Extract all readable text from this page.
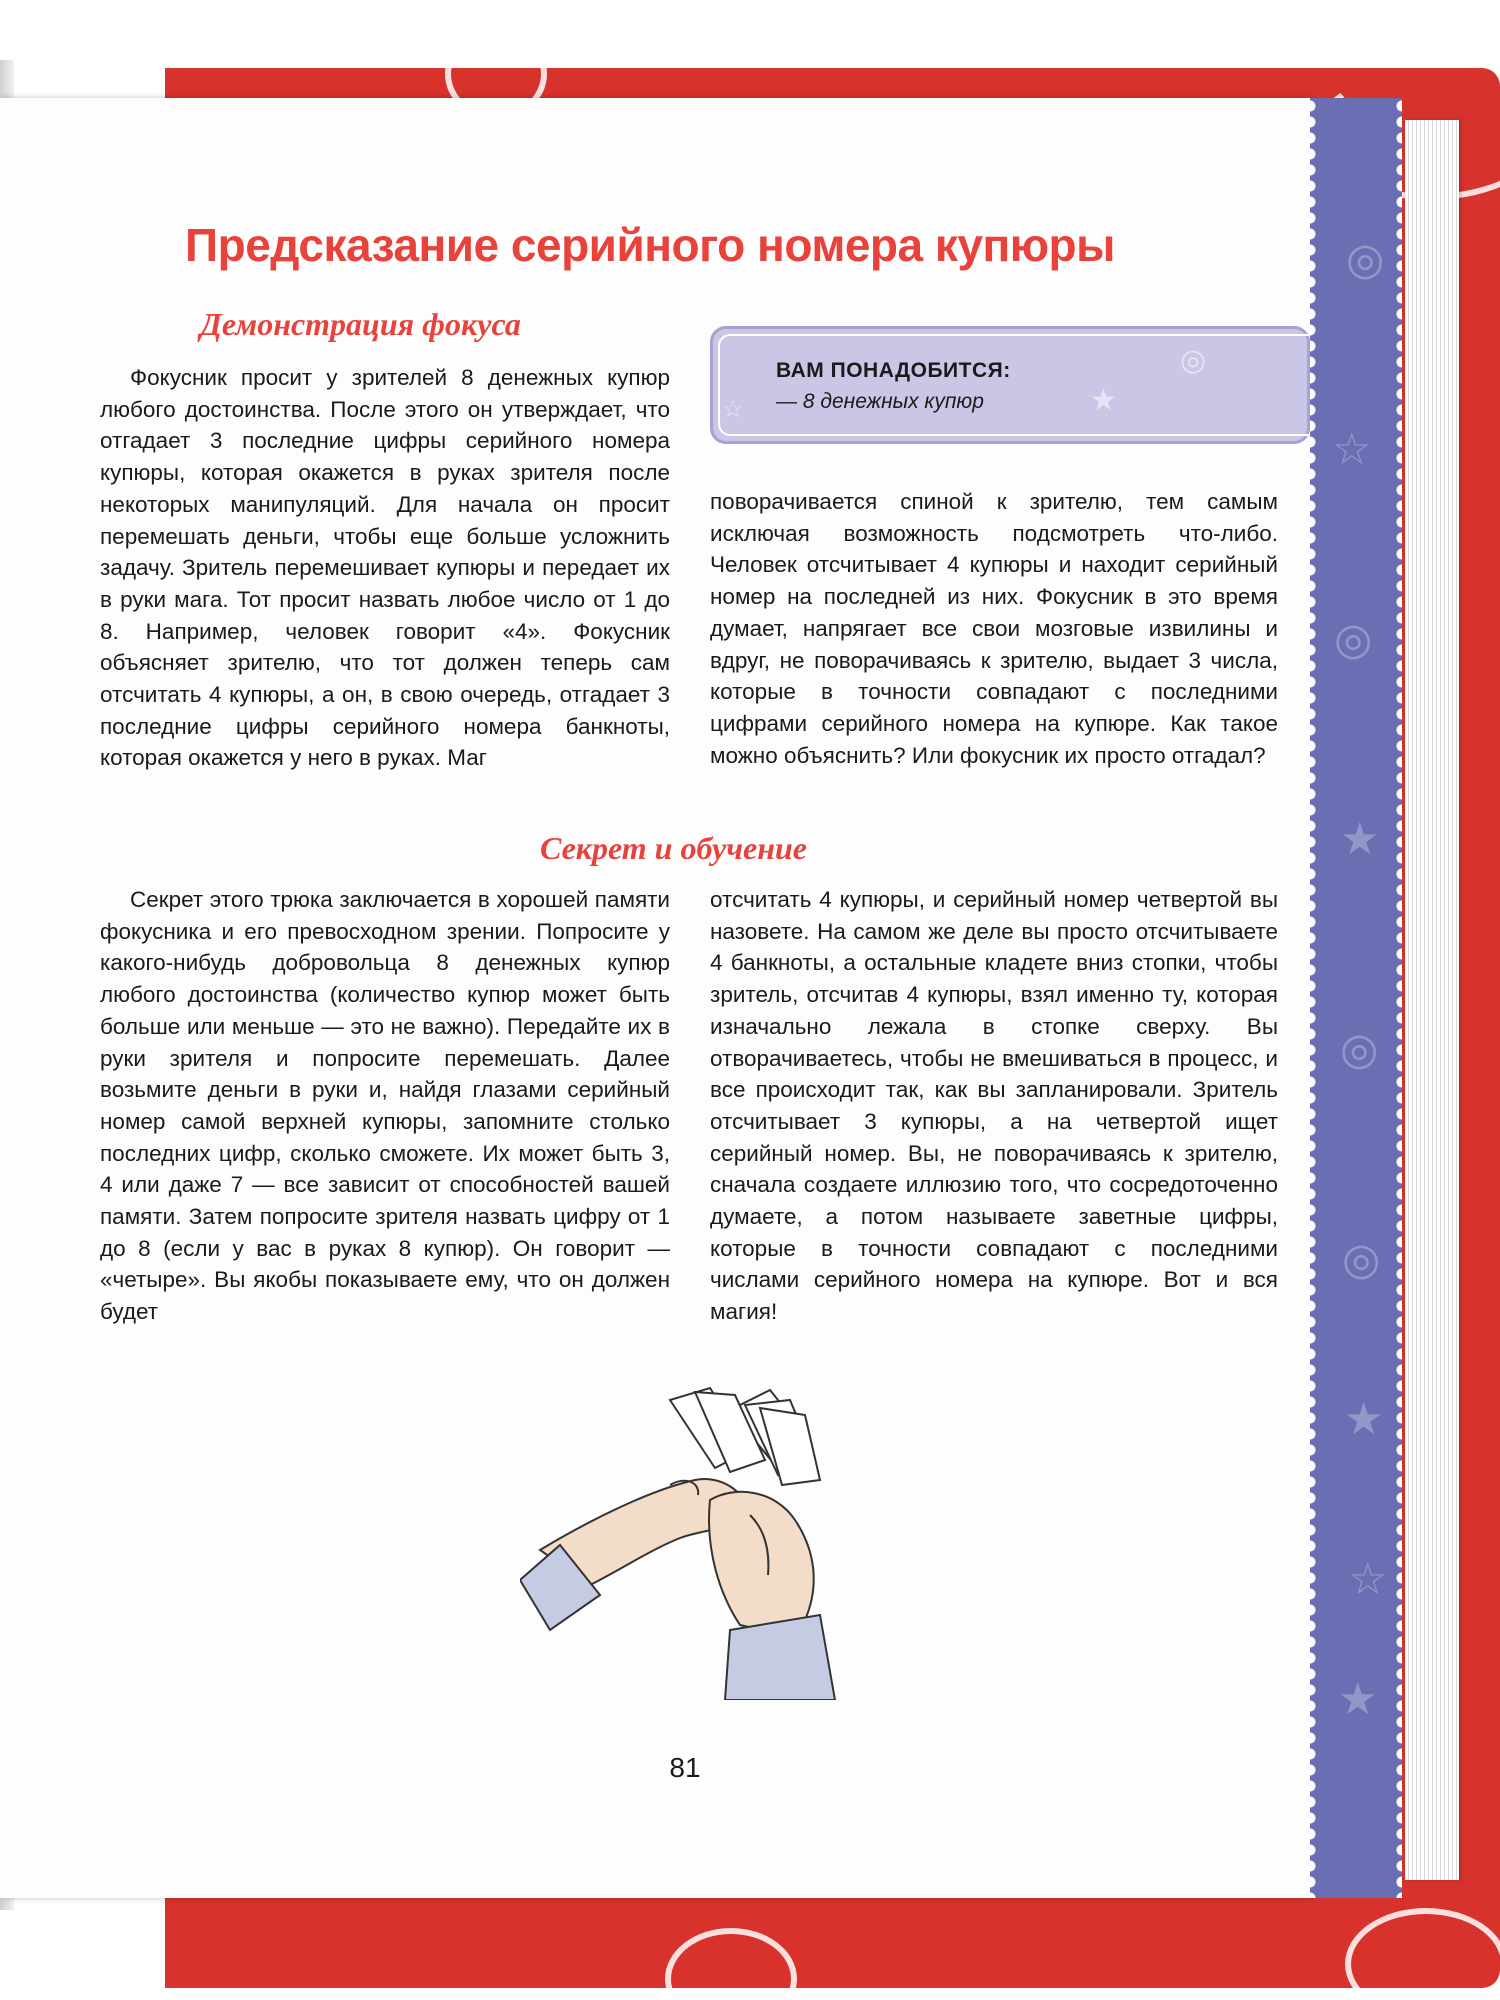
★
★
★
◎
◎
◎
◎
☆
☆
Предсказание серийного номера купюры
Демонстрация фокуса
★
☆
◎
ВАМ ПОНАДОБИТСЯ:
— 8 денежных купюр

Фокусник просит у зрителей 8 денежных купюр любого достоинства. После этого он утверждает, что отгадает 3 последние цифры серийного номера купюры, которая окажется в руках зрителя после некоторых манипуляций. Для начала он просит перемешать деньги, чтобы еще больше усложнить задачу. Зритель перемешивает купюры и передает их в руки мага. Тот просит назвать любое число от 1 до 8. Например, человек говорит «4». Фокусник объясняет зрителю, что тот должен теперь сам отсчитать 4 купюры, а он, в свою очередь, отгадает 3 последние цифры серийного номера банкноты, которая окажется у него в руках. Маг

поворачивается спиной к зрителю, тем самым исключая возможность подсмотреть что-либо. Человек отсчитывает 4 купюры и находит серийный номер на последней из них. Фокусник в это время думает, напрягает все свои мозговые извилины и вдруг, не поворачиваясь к зрителю, выдает 3 числа, которые в точности совпадают с последними цифрами серийного номера на купюре. Как такое можно объяснить? Или фокусник их просто отгадал?

Секрет и обучение

Секрет этого трюка заключается в хорошей памяти фокусника и его превосходном зрении. Попросите у какого-нибудь добровольца 8 денежных купюр любого достоинства (количество купюр может быть больше или меньше — это не важно). Передайте их в руки зрителя и попросите перемешать. Далее возьмите деньги в руки и, найдя глазами серийный номер самой верхней купюры, запомните столько последних цифр, сколько сможете. Их может быть 3, 4 или даже 7 — все зависит от способностей вашей памяти. Затем попросите зрителя назвать цифру от 1 до 8 (если у вас в руках 8 купюр). Он говорит — «четыре». Вы якобы показываете ему, что он должен будет

отсчитать 4 купюры, и серийный номер четвертой вы назовете. На самом же деле вы просто отсчитываете 4 банкноты, а остальные кладете вниз стопки, чтобы зритель, отсчитав 4 купюры, взял именно ту, которая изначально лежала в стопке сверху. Вы отворачиваетесь, чтобы не вмешиваться в процесс, и все происходит так, как вы запланировали. Зритель отсчитывает 3 купюры, а на четвертой ищет серийный номер. Вы, не поворачиваясь к зрителю, сначала создаете иллюзию того, что сосредоточенно думаете, а потом называете заветные цифры, которые в точности совпадают с последними числами серийного номера на купюре. Вот и вся магия!

81
